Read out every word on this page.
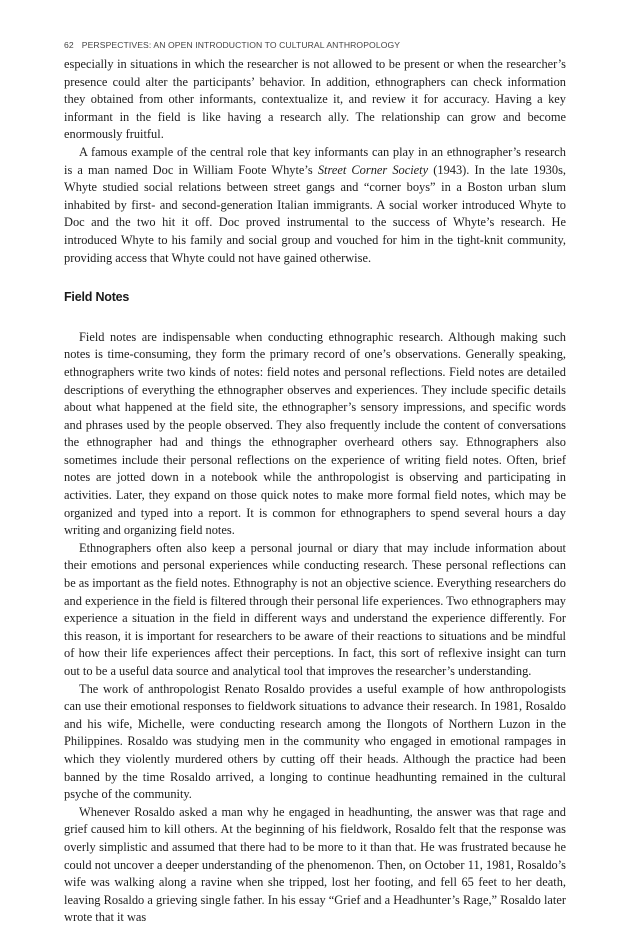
62 PERSPECTIVES: AN OPEN INTRODUCTION TO CULTURAL ANTHROPOLOGY

especially in situations in which the researcher is not allowed to be present or when the researcher’s presence could alter the participants’ behavior. In addition, ethnographers can check information they obtained from other informants, contextualize it, and review it for accuracy. Having a key informant in the field is like having a research ally. The relationship can grow and become enormously fruitful.

A famous example of the central role that key informants can play in an ethnographer’s research is a man named Doc in William Foote Whyte’s Street Corner Society (1943). In the late 1930s, Whyte studied social relations between street gangs and “corner boys” in a Boston urban slum inhabited by first- and second-generation Italian immigrants. A social worker introduced Whyte to Doc and the two hit it off. Doc proved instrumental to the success of Whyte’s research. He introduced Whyte to his family and social group and vouched for him in the tight-knit community, providing access that Whyte could not have gained otherwise.

Field Notes

Field notes are indispensable when conducting ethnographic research. Although making such notes is time-consuming, they form the primary record of one’s observations. Generally speaking, ethnographers write two kinds of notes: field notes and personal reflections. Field notes are detailed descriptions of everything the ethnographer observes and experiences. They include specific details about what happened at the field site, the ethnographer’s sensory impressions, and specific words and phrases used by the people observed. They also frequently include the content of conversations the ethnographer had and things the ethnographer overheard others say. Ethnographers also sometimes include their personal reflections on the experience of writing field notes. Often, brief notes are jotted down in a notebook while the anthropologist is observing and participating in activities. Later, they expand on those quick notes to make more formal field notes, which may be organized and typed into a report. It is common for ethnographers to spend several hours a day writing and organizing field notes.

Ethnographers often also keep a personal journal or diary that may include information about their emotions and personal experiences while conducting research. These personal reflections can be as important as the field notes. Ethnography is not an objective science. Everything researchers do and experience in the field is filtered through their personal life experiences. Two ethnographers may experience a situation in the field in different ways and understand the experience differently. For this reason, it is important for researchers to be aware of their reactions to situations and be mindful of how their life experiences affect their perceptions. In fact, this sort of reflexive insight can turn out to be a useful data source and analytical tool that improves the researcher’s understanding.

The work of anthropologist Renato Rosaldo provides a useful example of how anthropologists can use their emotional responses to fieldwork situations to advance their research. In 1981, Rosaldo and his wife, Michelle, were conducting research among the Ilongots of Northern Luzon in the Philippines. Rosaldo was studying men in the community who engaged in emotional rampages in which they violently murdered others by cutting off their heads. Although the practice had been banned by the time Rosaldo arrived, a longing to continue headhunting remained in the cultural psyche of the community.

Whenever Rosaldo asked a man why he engaged in headhunting, the answer was that rage and grief caused him to kill others. At the beginning of his fieldwork, Rosaldo felt that the response was overly simplistic and assumed that there had to be more to it than that. He was frustrated because he could not uncover a deeper understanding of the phenomenon. Then, on October 11, 1981, Rosaldo’s wife was walking along a ravine when she tripped, lost her footing, and fell 65 feet to her death, leaving Rosaldo a grieving single father. In his essay “Grief and a Headhunter’s Rage,” Rosaldo later wrote that it was
